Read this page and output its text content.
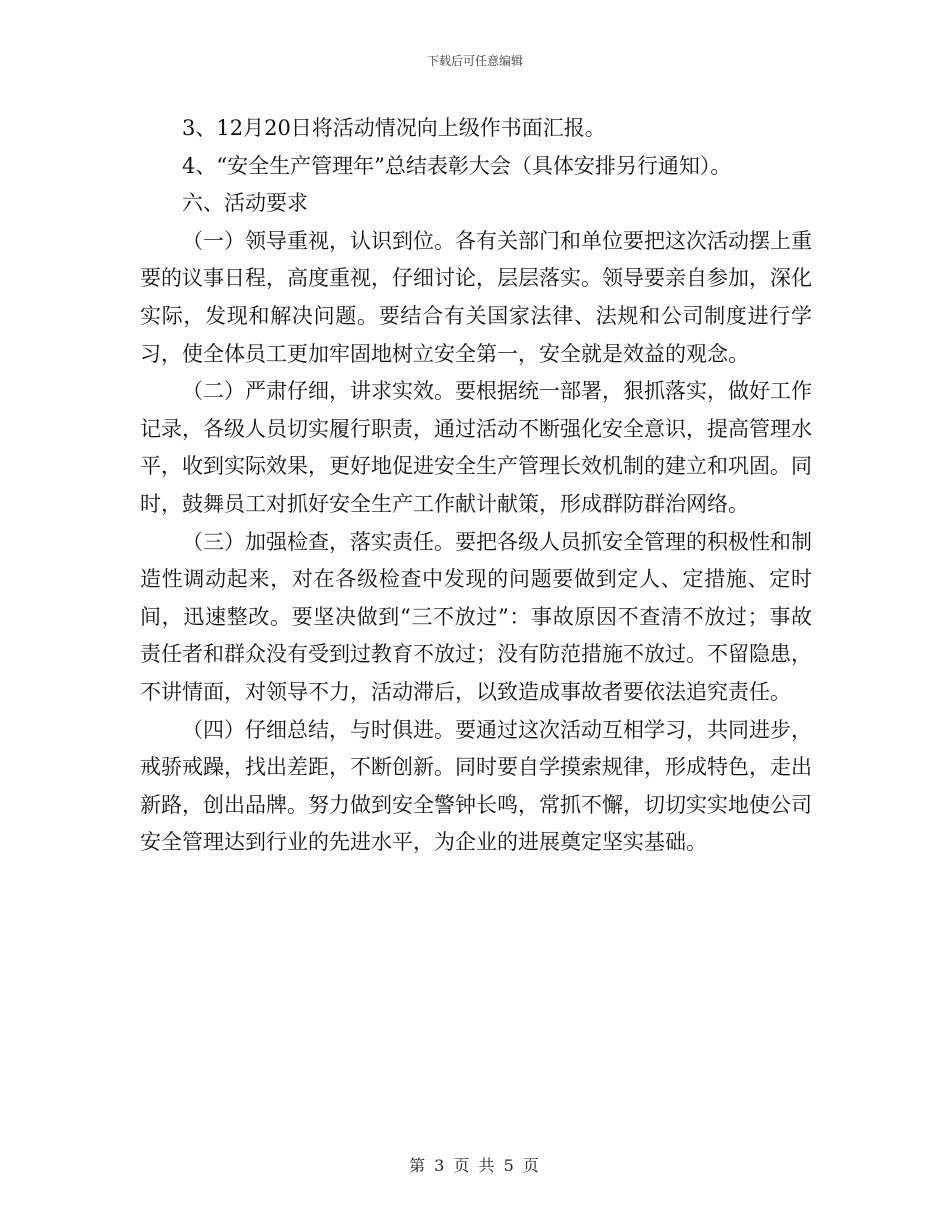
下载后可任意编辑

3、12月20日将活动情况向上级作书面汇报。

4、“安全生产管理年”总结表彰大会（具体安排另行通知）。

六、活动要求

（一）领导重视，认识到位。各有关部门和单位要把这次活动摆上重要的议事日程，高度重视，仔细讨论，层层落实。领导要亲自参加，深化实际，发现和解决问题。要结合有关国家法律、法规和公司制度进行学习，使全体员工更加牢固地树立安全第一，安全就是效益的观念。

（二）严肃仔细，讲求实效。要根据统一部署，狠抓落实，做好工作记录，各级人员切实履行职责，通过活动不断强化安全意识，提高管理水平，收到实际效果，更好地促进安全生产管理长效机制的建立和巩固。同时，鼓舞员工对抓好安全生产工作献计献策，形成群防群治网络。

（三）加强检查，落实责任。要把各级人员抓安全管理的积极性和制造性调动起来，对在各级检查中发现的问题要做到定人、定措施、定时间，迅速整改。要坚决做到“三不放过”：事故原因不查清不放过；事故责任者和群众没有受到过教育不放过；没有防范措施不放过。不留隐患，不讲情面，对领导不力，活动滞后，以致造成事故者要依法追究责任。

（四）仔细总结，与时俱进。要通过这次活动互相学习，共同进步，戒骄戒躁，找出差距，不断创新。同时要自学摸索规律，形成特色，走出新路，创出品牌。努力做到安全警钟长鸣，常抓不懈，切切实实地使公司安全管理达到行业的先进水平，为企业的进展奠定坚实基础。

第 3 页 共 5 页
